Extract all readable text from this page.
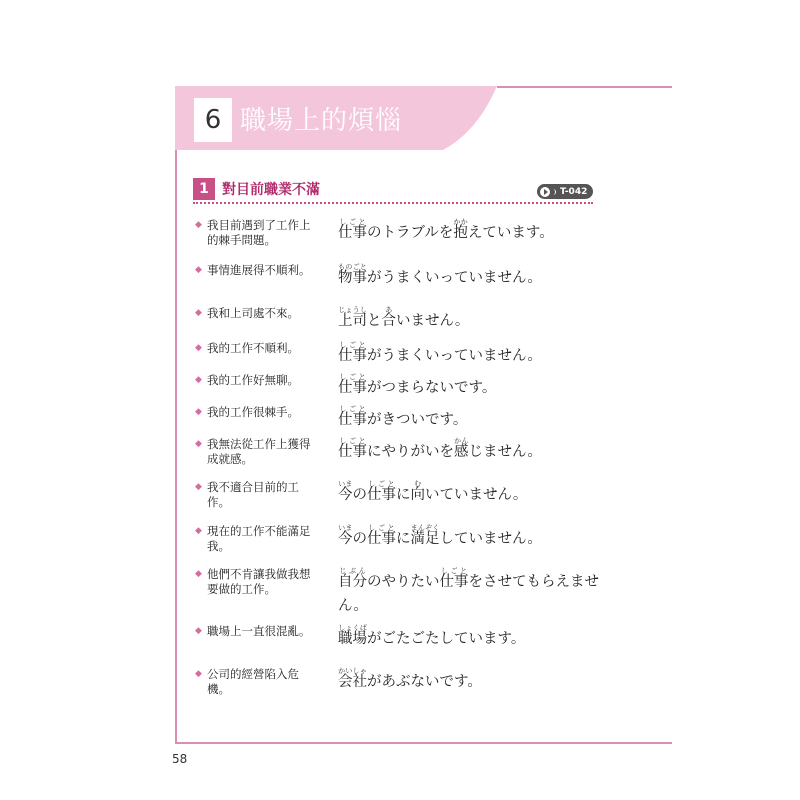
6 職場上的煩惱
1 對目前職業不滿	T-042
◆ 我目前遇到了工作上的棘手問題。	仕事しごとのトラブルを抱かかえています。
◆ 事情進展得不順利。	物事ものごとがうまくいっていません。
◆ 我和上司處不來。	上司じょうしと合あいません。
◆ 我的工作不順利。	仕事しごとがうまくいっていません。
◆ 我的工作好無聊。	仕事しごとがつまらないです。
◆ 我的工作很棘手。	仕事しごとがきついです。
◆ 我無法從工作上獲得成就感。	仕事しごとにやりがいを感かんじません。
◆ 我不適合目前的工作。	今いまの仕事しごとに向むいていません。
◆ 現在的工作不能滿足我。	今いまの仕事しごとに満足まんぞくしていません。
◆ 他們不肯讓我做我想要做的工作。	自分じぶんのやりたい仕事しごとをさせてもらえません。
◆ 職場上一直很混亂。	職場しょくばがごたごたしています。
◆ 公司的經營陷入危機。	会社かいしゃがあぶないです。
58
